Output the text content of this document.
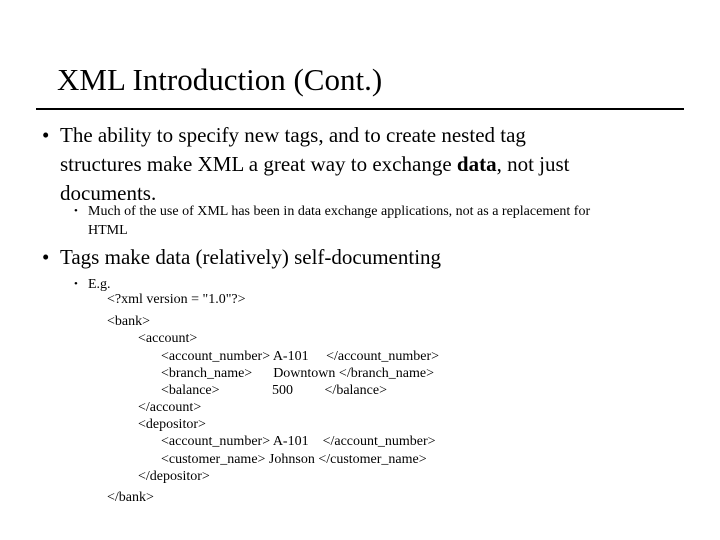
XML Introduction (Cont.)
• The ability to specify new tags, and to create nested tag
structures make XML a great way to exchange data, not just
documents.
• Much of the use of XML has been in data exchange applications, not as a replacement for
HTML
• Tags make data (relatively) self-documenting
• E.g.
<?xml version = "1.0"?>
<bank>
<account>
<account_number> A-101     </account_number>
<branch_name>      Downtown </branch_name>
<balance>               500         </balance>
</account>
<depositor>
<account_number> A-101    </account_number>
<customer_name> Johnson </customer_name>
</depositor>
</bank>
